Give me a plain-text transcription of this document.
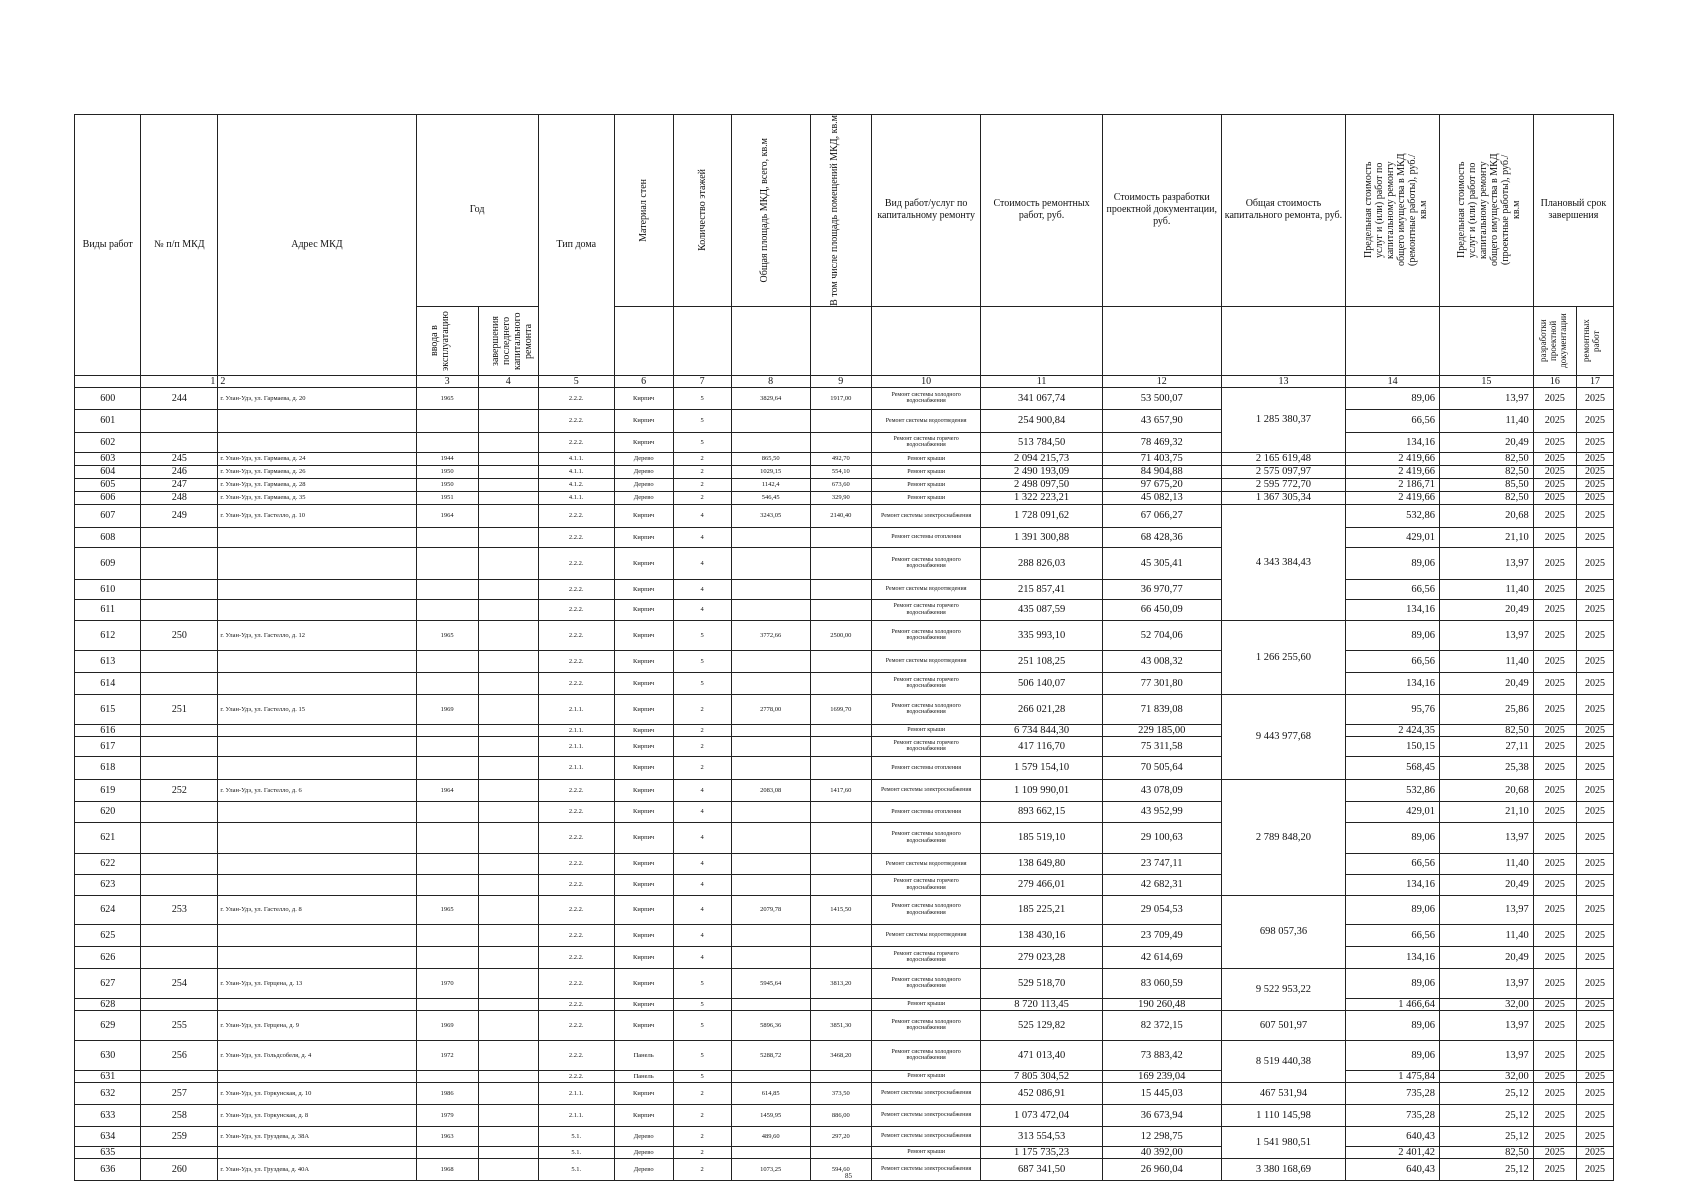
Виды работ	№ п/п МКД	Адрес МКД	Год		Тип дома	Материал стен	Количество этажей	Общая площадь МКД, всего, кв.м	В том числе площадь помещений МКД, кв.м	Вид работ/услуг по капитальному ремонту	Стоимость ремонтных работ, руб.	Стоимость разработки проектной документации, руб.	Общая стоимость капитального ремонта, руб.	Предельная стоимость услуг и (или) работ по капитальному ремонту общего имущества в МКД (ремонтные работы), руб./кв.м	Предельная стоимость услуг и (или) работ по капитальному ремонту общего имущества в МКД (проектные работы), руб./кв.м	Плановый срок завершения	

			ввода в эксплуатацию	завершения последнего капитального ремонта												разработки проектной документации	ремонтных работ

	1	2	3	4	5	6	7	8	9	10	11	12	13	14	15	16	17
600	244	г. Улан-Удэ, ул. Гармаева, д. 20	1965		2.2.2.	Кирпич	5	3829,64	1917,00	Ремонт системы холодного водоснабжения	341 067,74	53 500,07	1 285 380,37	89,06	13,97	2025	2025
601					2.2.2.	Кирпич	5			Ремонт системы водоотведения	254 900,84	43 657,90		66,56	11,40	2025	2025
602					2.2.2.	Кирпич	5			Ремонт системы горячего водоснабжения	513 784,50	78 469,32		134,16	20,49	2025	2025
603	245	г. Улан-Удэ, ул. Гармаева, д. 24	1944		4.1.1.	Дерево	2	865,50	492,70	Ремонт крыши	2 094 215,73	71 403,75	2 165 619,48	2 419,66	82,50	2025	2025
604	246	г. Улан-Удэ, ул. Гармаева, д. 26	1950		4.1.1.	Дерево	2	1029,15	554,10	Ремонт крыши	2 490 193,09	84 904,88	2 575 097,97	2 419,66	82,50	2025	2025
605	247	г. Улан-Удэ, ул. Гармаева, д. 28	1950		4.1.2.	Дерево	2	1142,4	673,60	Ремонт крыши	2 498 097,50	97 675,20	2 595 772,70	2 186,71	85,50	2025	2025
606	248	г. Улан-Удэ, ул. Гармаева, д. 35	1951		4.1.1.	Дерево	2	546,45	329,90	Ремонт крыши	1 322 223,21	45 082,13	1 367 305,34	2 419,66	82,50	2025	2025
607	249	г. Улан-Удэ, ул. Гастелло, д. 10	1964		2.2.2.	Кирпич	4	3243,05	2140,40	Ремонт системы электроснабжения	1 728 091,62	67 066,27	4 343 384,43	532,86	20,68	2025	2025
608					2.2.2.	Кирпич	4			Ремонт системы отопления	1 391 300,88	68 428,36		429,01	21,10	2025	2025
609					2.2.2.	Кирпич	4			Ремонт системы холодного водоснабжения	288 826,03	45 305,41		89,06	13,97	2025	2025
610					2.2.2.	Кирпич	4			Ремонт системы водоотведения	215 857,41	36 970,77		66,56	11,40	2025	2025
611					2.2.2.	Кирпич	4			Ремонт системы горячего водоснабжения	435 087,59	66 450,09		134,16	20,49	2025	2025
612	250	г. Улан-Удэ, ул. Гастелло, д. 12	1965		2.2.2.	Кирпич	5	3772,66	2500,00	Ремонт системы холодного водоснабжения	335 993,10	52 704,06	1 266 255,60	89,06	13,97	2025	2025
613					2.2.2.	Кирпич	5			Ремонт системы водоотведения	251 108,25	43 008,32		66,56	11,40	2025	2025
614					2.2.2.	Кирпич	5			Ремонт системы горячего водоснабжения	506 140,07	77 301,80		134,16	20,49	2025	2025
615	251	г. Улан-Удэ, ул. Гастелло, д. 15	1969		2.1.1.	Кирпич	2	2778,00	1699,70	Ремонт системы холодного водоснабжения	266 021,28	71 839,08	9 443 977,68	95,76	25,86	2025	2025
616					2.1.1.	Кирпич	2			Ремонт крыши	6 734 844,30	229 185,00		2 424,35	82,50	2025	2025
617					2.1.1.	Кирпич	2			Ремонт системы горячего водоснабжения	417 116,70	75 311,58		150,15	27,11	2025	2025
618					2.1.1.	Кирпич	2			Ремонт системы отопления	1 579 154,10	70 505,64		568,45	25,38	2025	2025
619	252	г. Улан-Удэ, ул. Гастелло, д. 6	1964		2.2.2.	Кирпич	4	2083,08	1417,60	Ремонт системы электроснабжения	1 109 990,01	43 078,09	2 789 848,20	532,86	20,68	2025	2025
620					2.2.2.	Кирпич	4			Ремонт системы отопления	893 662,15	43 952,99		429,01	21,10	2025	2025
621					2.2.2.	Кирпич	4			Ремонт системы холодного водоснабжения	185 519,10	29 100,63		89,06	13,97	2025	2025
622					2.2.2.	Кирпич	4			Ремонт системы водоотведения	138 649,80	23 747,11		66,56	11,40	2025	2025
623					2.2.2.	Кирпич	4			Ремонт системы горячего водоснабжения	279 466,01	42 682,31		134,16	20,49	2025	2025
624	253	г. Улан-Удэ, ул. Гастелло, д. 8	1965		2.2.2.	Кирпич	4	2079,78	1415,50	Ремонт системы холодного водоснабжения	185 225,21	29 054,53	698 057,36	89,06	13,97	2025	2025
625					2.2.2.	Кирпич	4			Ремонт системы водоотведения	138 430,16	23 709,49		66,56	11,40	2025	2025
626					2.2.2.	Кирпич	4			Ремонт системы горячего водоснабжения	279 023,28	42 614,69		134,16	20,49	2025	2025
627	254	г. Улан-Удэ, ул. Герцена, д. 13	1970		2.2.2.	Кирпич	5	5945,64	3813,20	Ремонт системы холодного водоснабжения	529 518,70	83 060,59	9 522 953,22	89,06	13,97	2025	2025
628					2.2.2.	Кирпич	5			Ремонт крыши	8 720 113,45	190 260,48		1 466,64	32,00	2025	2025
629	255	г. Улан-Удэ, ул. Герцена, д. 9	1969		2.2.2.	Кирпич	5	5896,36	3851,30	Ремонт системы холодного водоснабжения	525 129,82	82 372,15	607 501,97	89,06	13,97	2025	2025
630	256	г. Улан-Удэ, ул. Гольдсобеля, д. 4	1972		2.2.2.	Панель	5	5288,72	3468,20	Ремонт системы холодного водоснабжения	471 013,40	73 883,42	8 519 440,38	89,06	13,97	2025	2025
631					2.2.2.	Панель	5			Ремонт крыши	7 805 304,52	169 239,04		1 475,84	32,00	2025	2025
632	257	г. Улан-Удэ, ул. Горкунская, д. 10	1986		2.1.1.	Кирпич	2	614,85	373,50	Ремонт системы электроснабжения	452 086,91	15 445,03	467 531,94	735,28	25,12	2025	2025
633	258	г. Улан-Удэ, ул. Горкунская, д. 8	1979		2.1.1.	Кирпич	2	1459,95	886,00	Ремонт системы электроснабжения	1 073 472,04	36 673,94	1 110 145,98	735,28	25,12	2025	2025
634	259	г. Улан-Удэ, ул. Груздева, д. 38А	1963		5.1.	Дерево	2	489,60	297,20	Ремонт системы электроснабжения	313 554,53	12 298,75	1 541 980,51	640,43	25,12	2025	2025
635					5.1.	Дерево	2			Ремонт крыши	1 175 735,23	40 392,00		2 401,42	82,50	2025	2025
636	260	г. Улан-Удэ, ул. Груздева, д. 40А	1968		5.1.	Дерево	2	1073,25	594,60	Ремонт системы электроснабжения	687 341,50	26 960,04	3 380 168,69	640,43	25,12	2025	2025
85
